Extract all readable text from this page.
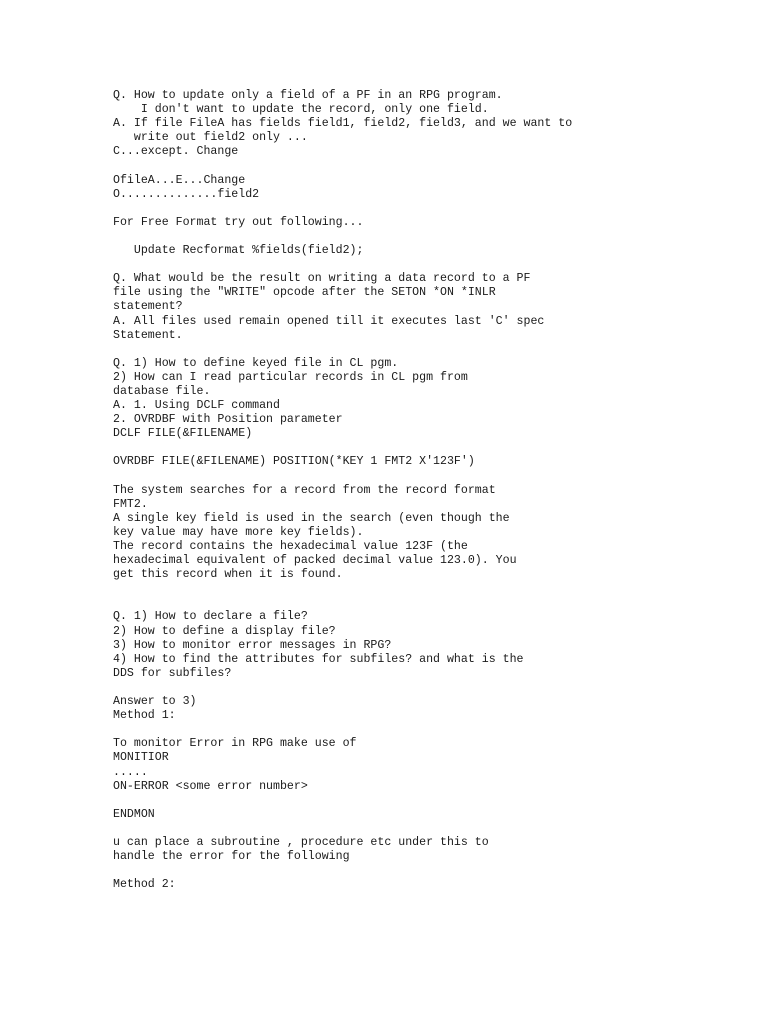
Q. How to update only a field of a PF in an RPG program.
I don't want to update the record, only one field.
A. If file FileA has fields field1, field2, field3, and we want to
write out field2 only ...
C...except. Change

OfileA...E...Change
O..............field2

For Free Format try out following...

Update Recformat %fields(field2);

Q. What would be the result on writing a data record to a PF
file using the "WRITE" opcode after the SETON *ON *INLR
statement?
A. All files used remain opened till it executes last 'C' spec
Statement.

Q. 1) How to define keyed file in CL pgm.
2) How can I read particular records in CL pgm from
database file.
A. 1. Using DCLF command
2. OVRDBF with Position parameter
DCLF FILE(&FILENAME)

OVRDBF FILE(&FILENAME) POSITION(*KEY 1 FMT2 X'123F')

The system searches for a record from the record format
FMT2.
A single key field is used in the search (even though the
key value may have more key fields).
The record contains the hexadecimal value 123F (the
hexadecimal equivalent of packed decimal value 123.0). You
get this record when it is found.

Q. 1) How to declare a file?
2) How to define a display file?
3) How to monitor error messages in RPG?
4) How to find the attributes for subfiles? and what is the
DDS for subfiles?

Answer to 3)
Method 1:

To monitor Error in RPG make use of
MONITIOR
.....
ON-ERROR <some error number>

ENDMON

u can place a subroutine , procedure etc under this to
handle the error for the following

Method 2:
